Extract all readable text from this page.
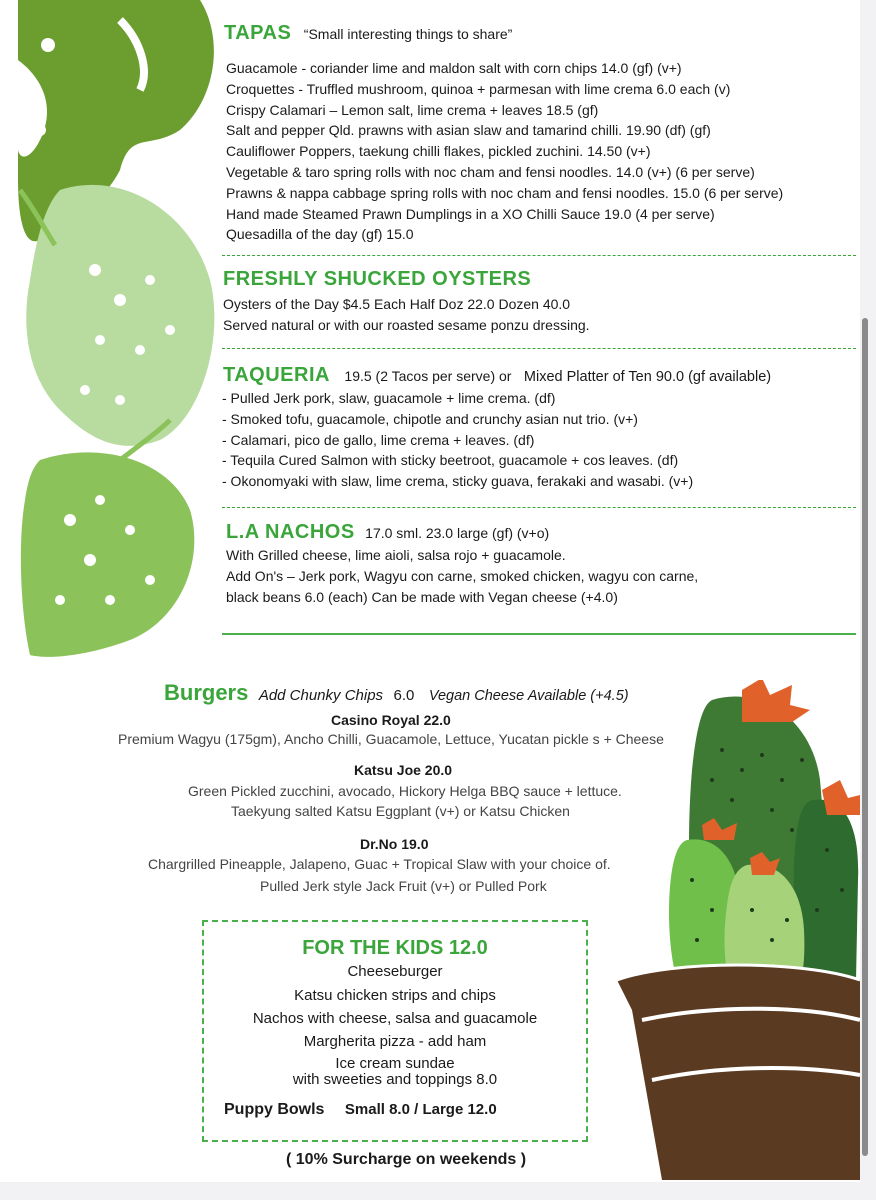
TAPAS “Small interesting things to share”
Guacamole - coriander lime and maldon salt with corn chips 14.0 (gf) (v+)
Croquettes - Truffled mushroom, quinoa + parmesan with lime crema 6.0 each (v)
Crispy Calamari – Lemon salt, lime crema + leaves 18.5 (gf)
Salt and pepper Qld. prawns with asian slaw and tamarind chilli. 19.90 (df) (gf)
Cauliflower Poppers, taekung chilli flakes, pickled zuchini. 14.50 (v+)
Vegetable & taro spring rolls with noc cham and fensi noodles. 14.0 (v+) (6 per serve)
Prawns & nappa cabbage spring rolls with noc cham and fensi noodles. 15.0 (6 per serve)
Hand made Steamed Prawn Dumplings in a XO Chilli Sauce 19.0 (4 per serve)
Quesadilla of the day (gf) 15.0
FRESHLY SHUCKED OYSTERS
Oysters of the Day $4.5 Each Half Doz 22.0 Dozen 40.0
Served natural or with our roasted sesame ponzu dressing.
TAQUERIA 19.5 (2 Tacos per serve) or Mixed Platter of Ten 90.0 (gf available)
- Pulled Jerk pork, slaw, guacamole + lime crema. (df)
- Smoked tofu, guacamole, chipotle and crunchy asian nut trio. (v+)
- Calamari, pico de gallo, lime crema + leaves. (df)
- Tequila Cured Salmon with sticky beetroot, guacamole + cos leaves. (df)
- Okonomyaki with slaw, lime crema, sticky guava, ferakaki and wasabi. (v+)
L.A NACHOS 17.0 sml. 23.0 large (gf) (v+o)
With Grilled cheese, lime aioli, salsa rojo + guacamole.
Add On's – Jerk pork, Wagyu con carne, smoked chicken, wagyu con carne,
black beans 6.0 (each) Can be made with Vegan cheese (+4.0)
Burgers Add Chunky Chips 6.0 Vegan Cheese Available (+4.5)
Casino Royal 22.0
Premium Wagyu (175gm), Ancho Chilli, Guacamole, Lettuce, Yucatan pickle s + Cheese
Katsu Joe 20.0
Green Pickled zucchini, avocado, Hickory Helga BBQ sauce + lettuce.
Taekyung salted Katsu Eggplant (v+) or Katsu Chicken
Dr.No 19.0
Chargrilled Pineapple, Jalapeno, Guac + Tropical Slaw with your choice of.
Pulled Jerk style Jack Fruit (v+) or Pulled Pork
FOR THE KIDS 12.0
Cheeseburger
Katsu chicken strips and chips
Nachos with cheese, salsa and guacamole
Margherita pizza - add ham
Ice cream sundae
with sweeties and toppings 8.0
Puppy Bowls Small 8.0 / Large 12.0
( 10% Surcharge on weekends )
